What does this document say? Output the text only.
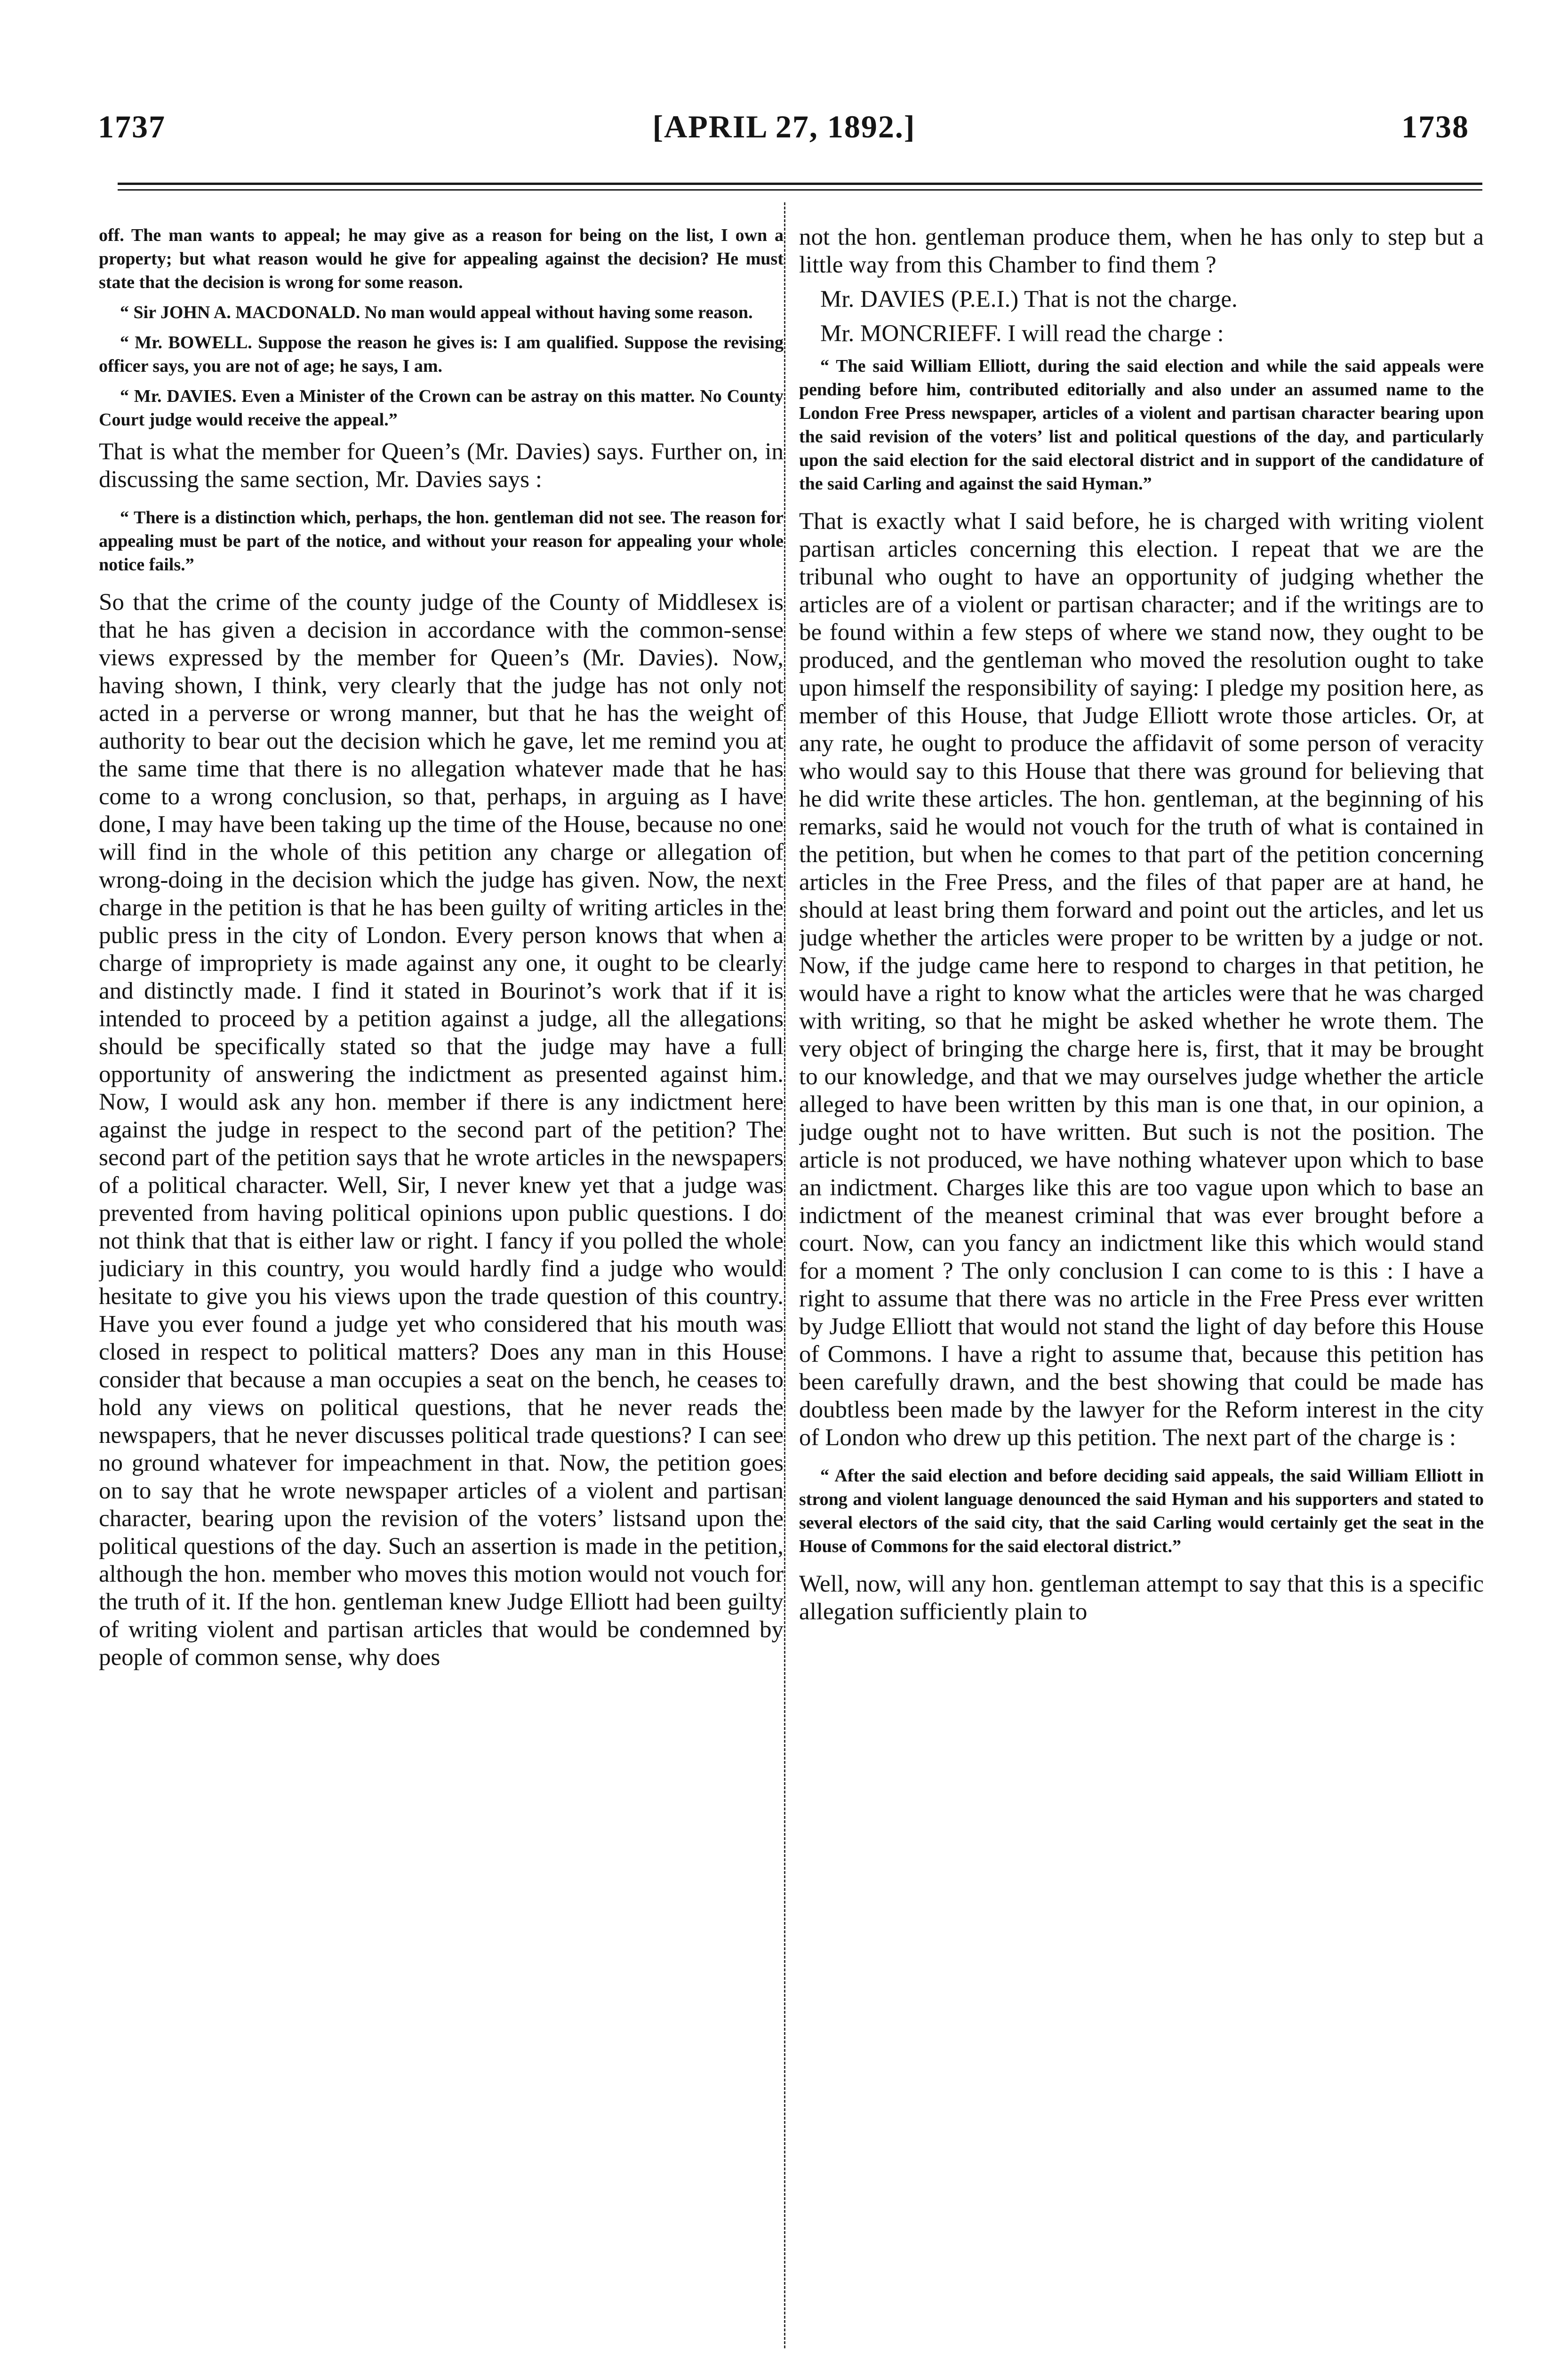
[APRIL 27, 1892.]
1737	1738

off. The man wants to appeal; he may give as a reason for being on the list, I own a property; but what reason would he give for appealing against the decision? He must state that the decision is wrong for some reason.

“ Sir JOHN A. MACDONALD. No man would appeal without having some reason.

“ Mr. BOWELL. Suppose the reason he gives is: I am qualified. Suppose the revising officer says, you are not of age; he says, I am.

“ Mr. DAVIES. Even a Minister of the Crown can be astray on this matter. No County Court judge would receive the appeal.”

That is what the member for Queen’s (Mr. Davies) says. Further on, in discussing the same section, Mr. Davies says :

“ There is a distinction which, perhaps, the hon. gentleman did not see. The reason for appealing must be part of the notice, and without your reason for appealing your whole notice fails.”

So that the crime of the county judge of the County of Middlesex is that he has given a decision in accordance with the common-sense views expressed by the member for Queen’s (Mr. Davies). Now, having shown, I think, very clearly that the judge has not only not acted in a perverse or wrong manner, but that he has the weight of authority to bear out the decision which he gave, let me remind you at the same time that there is no allegation whatever made that he has come to a wrong conclusion, so that, perhaps, in arguing as I have done, I may have been taking up the time of the House, because no one will find in the whole of this petition any charge or allegation of wrong-doing in the decision which the judge has given. Now, the next charge in the petition is that he has been guilty of writing articles in the public press in the city of London. Every person knows that when a charge of impropriety is made against any one, it ought to be clearly and distinctly made. I find it stated in Bourinot’s work that if it is intended to proceed by a petition against a judge, all the allegations should be specifically stated so that the judge may have a full opportunity of answering the indictment as presented against him. Now, I would ask any hon. member if there is any indictment here against the judge in respect to the second part of the petition? The second part of the petition says that he wrote articles in the newspapers of a political character. Well, Sir, I never knew yet that a judge was prevented from having political opinions upon public questions. I do not think that that is either law or right. I fancy if you polled the whole judiciary in this country, you would hardly find a judge who would hesitate to give you his views upon the trade question of this country. Have you ever found a judge yet who considered that his mouth was closed in respect to political matters? Does any man in this House consider that because a man occupies a seat on the bench, he ceases to hold any views on political questions, that he never reads the newspapers, that he never discusses political trade questions? I can see no ground whatever for impeachment in that. Now, the petition goes on to say that he wrote newspaper articles of a violent and partisan character, bearing upon the revision of the voters’ listsand upon the political questions of the day. Such an assertion is made in the petition, although the hon. member who moves this motion would not vouch for the truth of it. If the hon. gentleman knew Judge Elliott had been guilty of writing violent and partisan articles that would be condemned by people of common sense, why does

not the hon. gentleman produce them, when he has only to step but a little way from this Chamber to find them ?

Mr. DAVIES (P.E.I.) That is not the charge.

Mr. MONCRIEFF. I will read the charge :

“ The said William Elliott, during the said election and while the said appeals were pending before him, contributed editorially and also under an assumed name to the London Free Press newspaper, articles of a violent and partisan character bearing upon the said revision of the voters’ list and political questions of the day, and particularly upon the said election for the said electoral district and in support of the candidature of the said Carling and against the said Hyman.”

That is exactly what I said before, he is charged with writing violent partisan articles concerning this election. I repeat that we are the tribunal who ought to have an opportunity of judging whether the articles are of a violent or partisan character; and if the writings are to be found within a few steps of where we stand now, they ought to be produced, and the gentleman who moved the resolution ought to take upon himself the responsibility of saying: I pledge my position here, as member of this House, that Judge Elliott wrote those articles. Or, at any rate, he ought to produce the affidavit of some person of veracity who would say to this House that there was ground for believing that he did write these articles. The hon. gentleman, at the beginning of his remarks, said he would not vouch for the truth of what is contained in the petition, but when he comes to that part of the petition concerning articles in the Free Press, and the files of that paper are at hand, he should at least bring them forward and point out the articles, and let us judge whether the articles were proper to be written by a judge or not. Now, if the judge came here to respond to charges in that petition, he would have a right to know what the articles were that he was charged with writing, so that he might be asked whether he wrote them. The very object of bringing the charge here is, first, that it may be brought to our knowledge, and that we may ourselves judge whether the article alleged to have been written by this man is one that, in our opinion, a judge ought not to have written. But such is not the position. The article is not produced, we have nothing whatever upon which to base an indictment. Charges like this are too vague upon which to base an indictment of the meanest criminal that was ever brought before a court. Now, can you fancy an indictment like this which would stand for a moment ? The only conclusion I can come to is this : I have a right to assume that there was no article in the Free Press ever written by Judge Elliott that would not stand the light of day before this House of Commons. I have a right to assume that, because this petition has been carefully drawn, and the best showing that could be made has doubtless been made by the lawyer for the Reform interest in the city of London who drew up this petition. The next part of the charge is :

“ After the said election and before deciding said appeals, the said William Elliott in strong and violent language denounced the said Hyman and his supporters and stated to several electors of the said city, that the said Carling would certainly get the seat in the House of Commons for the said electoral district.”

Well, now, will any hon. gentleman attempt to say that this is a specific allegation sufficiently plain to
